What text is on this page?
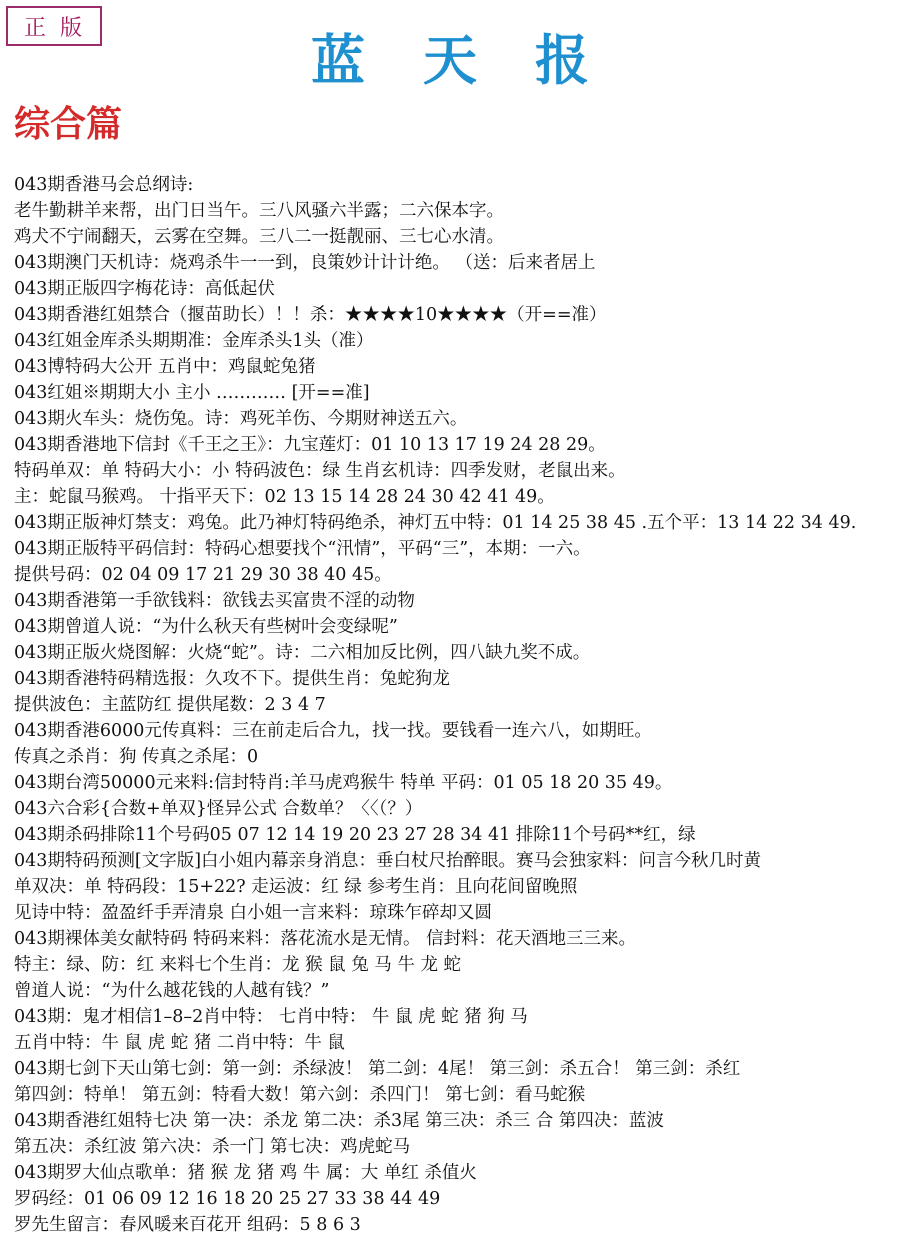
正版	蓝天报
综合篇
043期香港马会总纲诗:
老牛勤耕羊来帮，出门日当午。三八风骚六半露；二六保本字。
鸡犬不宁闹翻天，云雾在空舞。三八二一挺靓丽、三七心水清。
043期澳门天机诗：烧鸡杀牛一一到，良策妙计计计绝。 （送：后来者居上
043期正版四字梅花诗：高低起伏
043期香港红姐禁合（揠苗助长）！！杀：★★★★10★★★★（开==准）
043红姐金库杀头期期准：金库杀头1头（准）
043博特码大公开 五肖中：鸡鼠蛇兔猪
043红姐※期期大小 主小 ………… [开==准]
043期火车头：烧伤兔。诗：鸡死羊伤、今期财神送五六。
043期香港地下信封《千王之王》：九宝莲灯：01 10 13 17 19 24 28 29。
特码单双：单 特码大小：小 特码波色：绿 生肖玄机诗：四季发财，老鼠出来。
主：蛇鼠马猴鸡。 十指平天下：02 13 15 14 28 24 30 42 41 49。
043期正版神灯禁支：鸡兔。此乃神灯特码绝杀，神灯五中特：01 14 25 38 45 .五个平：13 14 22 34 49.
043期正版特平码信封：特码心想要找个“汛情”，平码“三”，本期：一六。
提供号码：02 04 09 17 21 29 30 38 40 45。
043期香港第一手欲钱料：欲钱去买富贵不淫的动物
043期曾道人说：“为什么秋天有些树叶会变绿呢”
043期正版火烧图解：火烧“蛇”。诗：二六相加反比例，四八缺九奖不成。
043期香港特码精选报：久攻不下。提供生肖：兔蛇狗龙
提供波色：主蓝防红 提供尾数：2 3 4 7
043期香港6000元传真料：三在前走后合九，找一找。要钱看一连六八，如期旺。
传真之杀肖：狗 传真之杀尾：0
043期台湾50000元来料:信封特肖:羊马虎鸡猴牛 特单 平码：01 05 18 20 35 49。
043六合彩{合数+单双}怪异公式 合数单？〈〈（？）
043期杀码排除11个号码05 07 12 14 19 20 23 27 28 34 41 排除11个号码**红，绿
043期特码预测[文字版]白小姐内幕亲身消息：垂白杖尺抬醉眼。赛马会独家料：问言今秋几时黄
单双决：单 特码段：15+22? 走运波：红 绿 参考生肖：且向花间留晚照
见诗中特：盈盈纤手弄清泉 白小姐一言来料：琼珠乍碎却又圆
043期裸体美女献特码 特码来料：落花流水是无情。 信封料：花天酒地三三来。
特主：绿、防：红 来料七个生肖：龙 猴 鼠 兔 马 牛 龙 蛇
曾道人说：“为什么越花钱的人越有钱？”
043期：鬼才相信1–8–2肖中特： 七肖中特： 牛 鼠 虎 蛇 猪 狗 马
五肖中特：牛 鼠 虎 蛇 猪 二肖中特：牛 鼠
043期七剑下天山第七剑：第一剑：杀绿波！ 第二剑：4尾！ 第三剑：杀五合！ 第三剑：杀红
第四剑：特单！ 第五剑：特看大数！第六剑：杀四门！ 第七剑：看马蛇猴
043期香港红姐特七决 第一决：杀龙 第二决：杀3尾 第三决：杀三 合 第四决：蓝波
第五决：杀红波 第六决：杀一门 第七决：鸡虎蛇马
043期罗大仙点歌单：猪 猴 龙 猪 鸡 牛 属：大 单红 杀值火
罗码经：01 06 09 12 16 18 20 25 27 33 38 44 49
罗先生留言：春风暖来百花开 组码：5 8 6 3
